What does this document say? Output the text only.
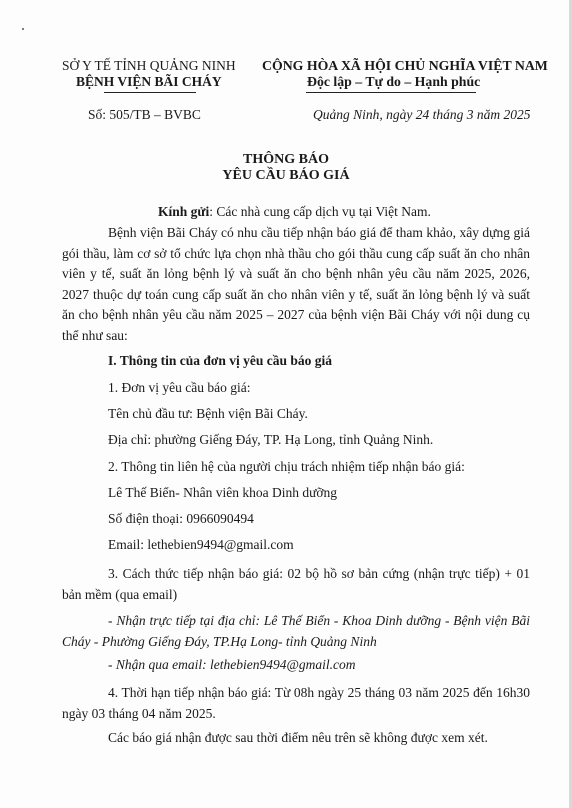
SỞ Y TẾ TỈNH QUẢNG NINH
BỆNH VIỆN BÃI CHÁY
CỘNG HÒA XÃ HỘI CHỦ NGHĨA VIỆT NAM
Độc lập – Tự do – Hạnh phúc
Số: 505/TB – BVBC	Quảng Ninh, ngày 24 tháng 3 năm 2025
THÔNG BÁO
YÊU CẦU BÁO GIÁ
Kính gửi: Các nhà cung cấp dịch vụ tại Việt Nam.
Bệnh viện Bãi Cháy có nhu cầu tiếp nhận báo giá để tham khảo, xây dựng giá gói thầu, làm cơ sở tổ chức lựa chọn nhà thầu cho gói thầu cung cấp suất ăn cho nhân viên y tế, suất ăn lỏng bệnh lý và suất ăn cho bệnh nhân yêu cầu năm 2025, 2026, 2027 thuộc dự toán cung cấp suất ăn cho nhân viên y tế, suất ăn lỏng bệnh lý và suất ăn cho bệnh nhân yêu cầu năm 2025 – 2027 của bệnh viện Bãi Cháy với nội dung cụ thể như sau:
I. Thông tin của đơn vị yêu cầu báo giá
1. Đơn vị yêu cầu báo giá:
Tên chủ đầu tư: Bệnh viện Bãi Cháy.
Địa chỉ: phường Giếng Đáy, TP. Hạ Long, tỉnh Quảng Ninh.
2. Thông tin liên hệ của người chịu trách nhiệm tiếp nhận báo giá:
Lê Thế Biển- Nhân viên khoa Dinh dưỡng
Số điện thoại: 0966090494
Email: lethebien9494@gmail.com
3. Cách thức tiếp nhận báo giá: 02 bộ hồ sơ bản cứng (nhận trực tiếp) + 01 bản mềm (qua email)
- Nhận trực tiếp tại địa chỉ: Lê Thế Biển - Khoa Dinh dưỡng - Bệnh viện Bãi Cháy - Phường Giếng Đáy, TP.Hạ Long- tỉnh Quảng Ninh
- Nhận qua email: lethebien9494@gmail.com
4. Thời hạn tiếp nhận báo giá: Từ 08h ngày 25 tháng 03 năm 2025 đến 16h30 ngày 03 tháng 04 năm 2025.
Các báo giá nhận được sau thời điểm nêu trên sẽ không được xem xét.
